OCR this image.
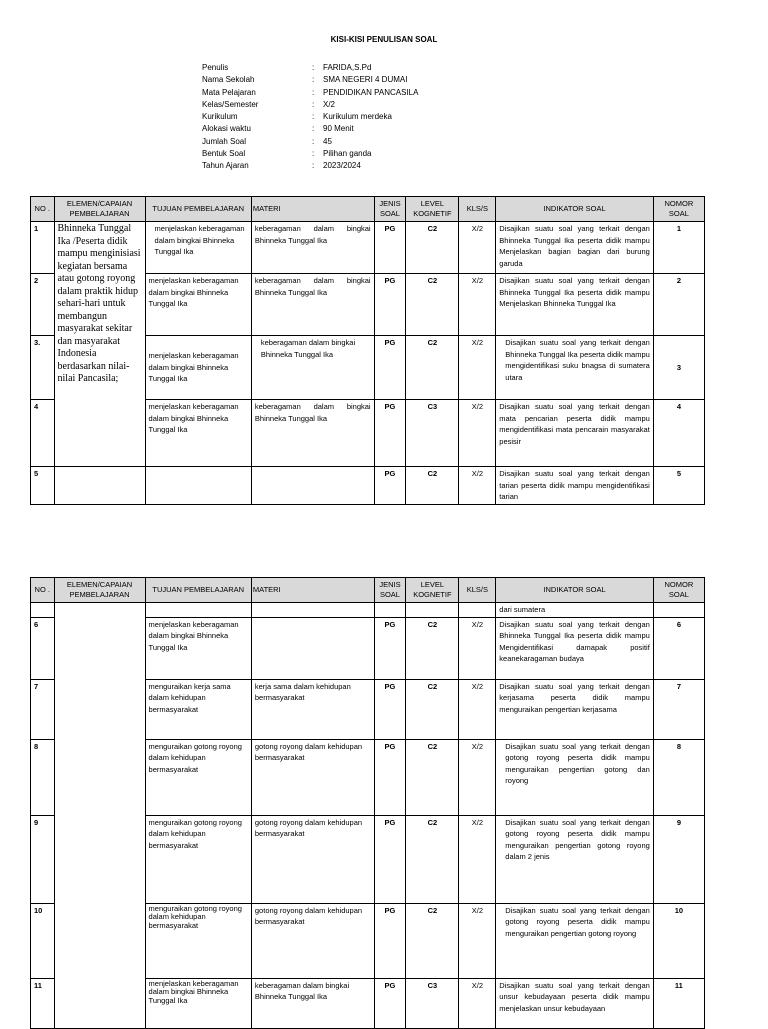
KISI-KISI PENULISAN SOAL
Penulis	:	FARIDA,S.Pd
Nama Sekolah	:	SMA NEGERI 4 DUMAI
Mata Pelajaran	:	PENDIDIKAN PANCASILA
Kelas/Semester	:	X/2
Kurikulum	:	Kurikulum merdeka
Alokasi waktu	:	90 Menit
Jumlah Soal	:	45
Bentuk Soal	:	Pilihan ganda
Tahun Ajaran	:	2023/2024
NO .	ELEMEN/CAPAIAN PEMBELAJARAN	TUJUAN PEMBELAJARAN	MATERI	JENIS SOAL	LEVEL KOGNETIF	KLS/S	INDIKATOR SOAL	NOMOR SOAL
1	Bhinneka Tunggal Ika /Peserta didik mampu menginisiasi kegiatan bersama atau gotong royong dalam praktik hidup sehari-hari untuk membangun masyarakat sekitar dan masyarakat Indonesia berdasarkan nilai-nilai Pancasila;	menjelaskan keberagaman dalam bingkai Bhinneka Tunggal Ika	keberagaman dalam bingkai Bhinneka Tunggal Ika	PG	C2	X/2	Disajikan suatu soal yang terkait dengan Bhinneka Tunggal Ika peserta didik mampu Menjelaskan bagian bagian dari burung garuda	1
2		menjelaskan keberagaman dalam bingkai Bhinneka Tunggal Ika	keberagaman dalam bingkai Bhinneka Tunggal Ika	PG	C2	X/2	Disajikan suatu soal yang terkait dengan Bhinneka Tunggal Ika peserta didik mampu Menjelaskan Bhinneka Tunggal Ika	2
3.		menjelaskan keberagaman dalam bingkai Bhinneka Tunggal Ika	keberagaman dalam bingkai Bhinneka Tunggal Ika	PG	C2	X/2	Disajikan suatu soal yang terkait dengan Bhinneka Tunggal Ika peserta didik mampu mengidentifikasi suku bnagsa di sumatera utara	3
4		menjelaskan keberagaman dalam bingkai Bhinneka Tunggal Ika	keberagaman dalam bingkai Bhinneka Tunggal Ika	PG	C3	X/2	Disajikan suatu soal yang terkait dengan mata pencarian peserta didik mampu mengidentifikasi mata pencarain masyarakat pesisir	4
5				PG	C2	X/2	Disajikan suatu soal yang terkait dengan tarian peserta didik mampu mengidentifikasi tarian	5
NO .	ELEMEN/CAPAIAN PEMBELAJARAN	TUJUAN PEMBELAJARAN	MATERI	JENIS SOAL	LEVEL KOGNETIF	KLS/S	INDIKATOR SOAL	NOMOR SOAL
							dari sumatera	
6		menjelaskan keberagaman dalam bingkai Bhinneka Tunggal Ika		PG	C2	X/2	Disajikan suatu soal yang terkait dengan Bhinneka Tunggal Ika peserta didik mampu Mengidentifikasi damapak positif keanekaragaman budaya	6
7		menguraikan kerja sama dalam kehidupan bermasyarakat	kerja sama dalam kehidupan bermasyarakat	PG	C2	X/2	Disajikan suatu soal yang terkait dengan kerjasama peserta didik mampu menguraikan pengertian kerjasama	7
8		menguraikan gotong royong dalam kehidupan bermasyarakat	gotong royong dalam kehidupan bermasyarakat	PG	C2	X/2	Disajikan suatu soal yang terkait dengan gotong royong peserta didik mampu menguraikan pengertian gotong dan royong	8
9		menguraikan gotong royong dalam kehidupan bermasyarakat	gotong royong dalam kehidupan bermasyarakat	PG	C2	X/2	Disajikan suatu soal yang terkait dengan gotong royong peserta didik mampu menguraikan pengertian gotong royong dalam 2 jenis	9
10		menguraikan gotong royong dalam kehidupan bermasyarakat	gotong royong dalam kehidupan bermasyarakat	PG	C2	X/2	Disajikan suatu soal yang terkait dengan gotong royong peserta didik mampu menguraikan pengertian gotong royong	10
11		menjelaskan keberagaman dalam bingkai Bhinneka Tunggal Ika	keberagaman dalam bingkai Bhinneka Tunggal Ika	PG	C3	X/2	Disajikan suatu soal yang terkait dengan unsur kebudayaan peserta didik mampu menjelaskan unsur kebudayaan	11
